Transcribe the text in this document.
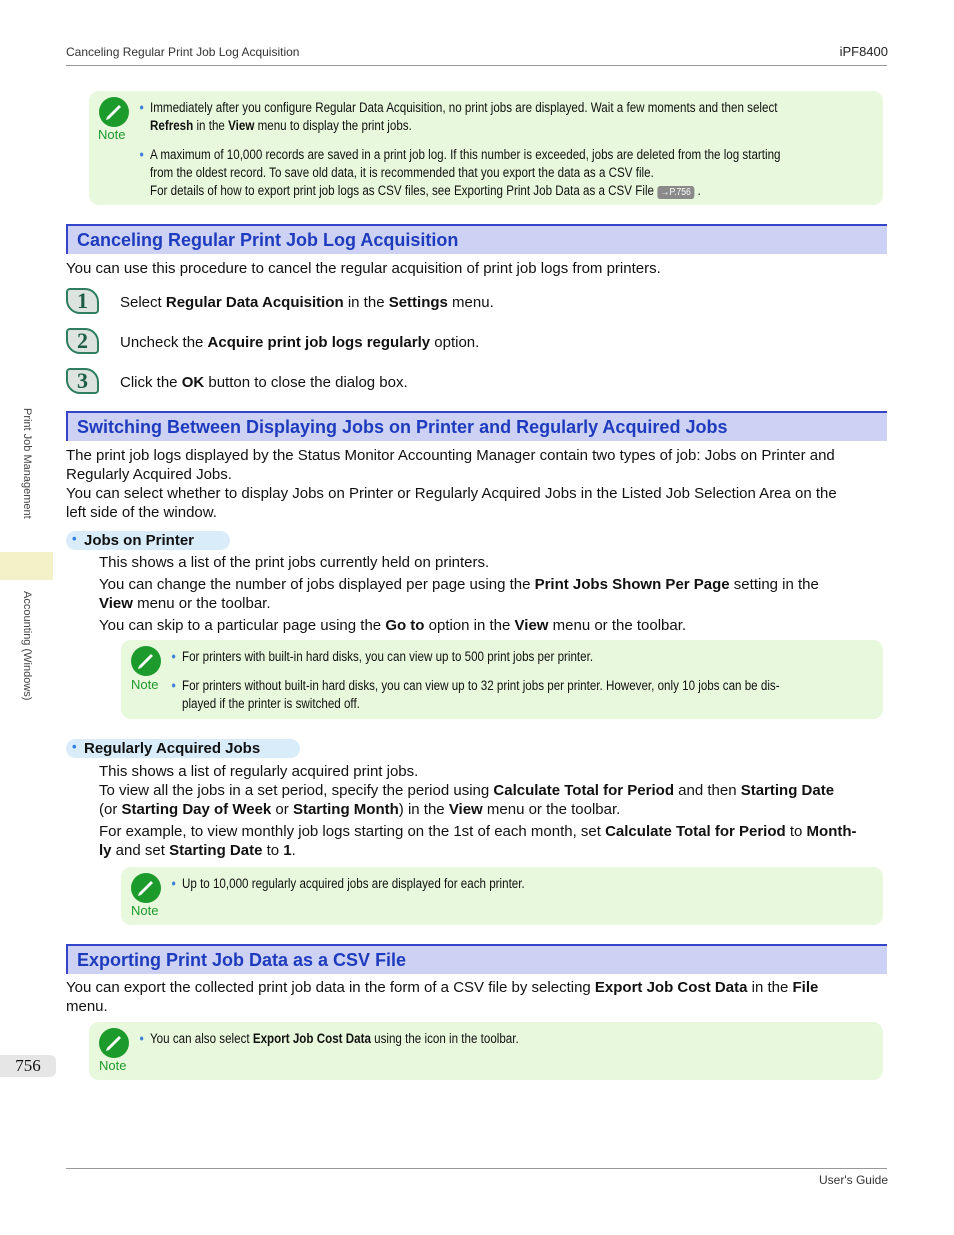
Canceling Regular Print Job Log Acquisition	iPF8400
Print Job Management
Accounting (Windows)
756
User's Guide
Note
• Immediately after you configure Regular Data Acquisition, no print jobs are displayed. Wait a few moments and then select
Refresh in the View menu to display the print jobs.
• A maximum of 10,000 records are saved in a print job log. If this number is exceeded, jobs are deleted from the log starting
from the oldest record. To save old data, it is recommended that you export the data as a CSV file.
For details of how to export print job logs as CSV files, see Exporting Print Job Data as a CSV File →P.756 .
Canceling Regular Print Job Log Acquisition
You can use this procedure to cancel the regular acquisition of print job logs from printers.
1	Select Regular Data Acquisition in the Settings menu.
2	Uncheck the Acquire print job logs regularly option.
3	Click the OK button to close the dialog box.
Switching Between Displaying Jobs on Printer and Regularly Acquired Jobs
The print job logs displayed by the Status Monitor Accounting Manager contain two types of job: Jobs on Printer and
Regularly Acquired Jobs.
You can select whether to display Jobs on Printer or Regularly Acquired Jobs in the Listed Job Selection Area on the
left side of the window.
• Jobs on Printer
This shows a list of the print jobs currently held on printers.
You can change the number of jobs displayed per page using the Print Jobs Shown Per Page setting in the
View menu or the toolbar.
You can skip to a particular page using the Go to option in the View menu or the toolbar.
Note
• For printers with built-in hard disks, you can view up to 500 print jobs per printer.
• For printers without built-in hard disks, you can view up to 32 print jobs per printer. However, only 10 jobs can be dis-
played if the printer is switched off.
• Regularly Acquired Jobs
This shows a list of regularly acquired print jobs.
To view all the jobs in a set period, specify the period using Calculate Total for Period and then Starting Date
(or Starting Day of Week or Starting Month) in the View menu or the toolbar.
For example, to view monthly job logs starting on the 1st of each month, set Calculate Total for Period to Month-
ly and set Starting Date to 1.
Note
• Up to 10,000 regularly acquired jobs are displayed for each printer.
Exporting Print Job Data as a CSV File
You can export the collected print job data in the form of a CSV file by selecting Export Job Cost Data in the File
menu.
Note
• You can also select Export Job Cost Data using the icon in the toolbar.
